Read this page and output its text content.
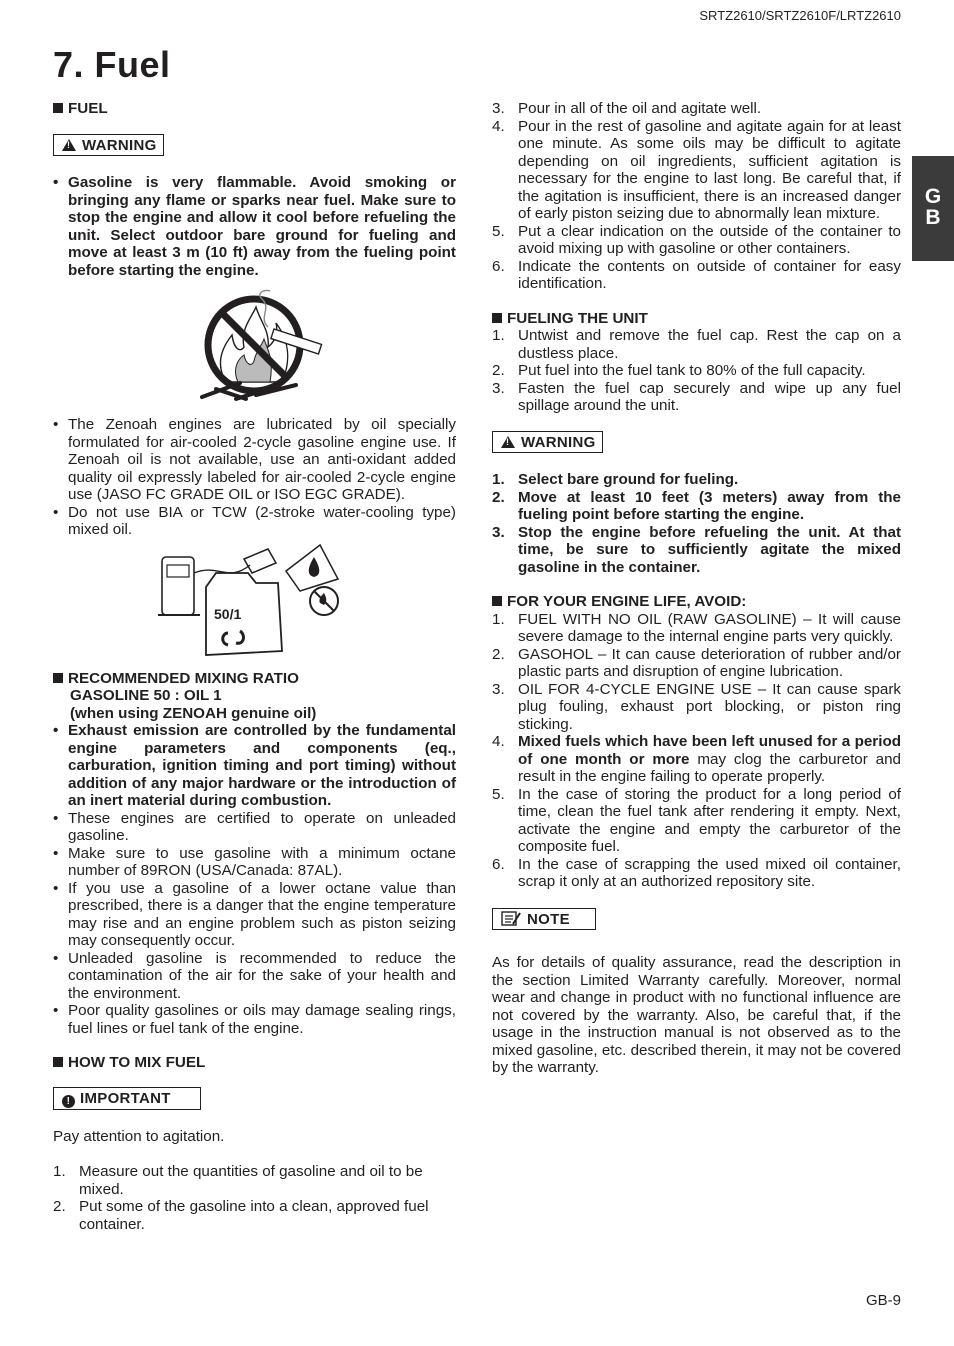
SRTZ2610/SRTZ2610F/LRTZ2610
7. Fuel
G
B

FUEL

!WARNING
• Gasoline is very flammable. Avoid smoking or bringing any flame or sparks near fuel. Make sure to stop the engine and allow it cool before refueling the unit. Select outdoor bare ground for fueling and move at least 3 m (10 ft) away from the fueling point before starting the engine.
• The Zenoah engines are lubricated by oil specially formulated for air-cooled 2-cycle gasoline engine use. If Zenoah oil is not available, use an anti-oxidant added quality oil expressly labeled for air-cooled 2-cycle engine use (JASO FC GRADE OIL or ISO EGC GRADE).
• Do not use BIA or TCW (2-stroke water-cooling type) mixed oil.
50/1

RECOMMENDED MIXING RATIO

GASOLINE 50 : OIL 1

(when using ZENOAH genuine oil)

• Exhaust emission are controlled by the fundamental engine parameters and components (eq., carburation, ignition timing and port timing) without addition of any major hardware or the introduction of an inert material during combustion.
• These engines are certified to operate on unleaded gasoline.
• Make sure to use gasoline with a minimum octane number of 89RON (USA/Canada: 87AL).
• If you use a gasoline of a lower octane value than prescribed, there is a danger that the engine temperature may rise and an engine problem such as piston seizing may consequently occur.
• Unleaded gasoline is recommended to reduce the contamination of the air for the sake of your health and the environment.
• Poor quality gasolines or oils may damage sealing rings, fuel lines or fuel tank of the engine.

HOW TO MIX FUEL

! IMPORTANT

Pay attention to agitation.

1. Measure out the quantities of gasoline and oil to be mixed.
2. Put some of the gasoline into a clean, approved fuel container.
3. Pour in all of the oil and agitate well.
4. Pour in the rest of gasoline and agitate again for at least one minute. As some oils may be difficult to agitate depending on oil ingredients, sufficient agitation is necessary for the engine to last long. Be careful that, if the agitation is insufficient, there is an increased danger of early piston seizing due to abnormally lean mixture.
5. Put a clear indication on the outside of the container to avoid mixing up with gasoline or other containers.
6. Indicate the contents on outside of container for easy identification.

FUELING THE UNIT

1. Untwist and remove the fuel cap. Rest the cap on a dustless place.
2. Put fuel into the fuel tank to 80% of the full capacity.
3. Fasten the fuel cap securely and wipe up any fuel spillage around the unit.
!WARNING
1. Select bare ground for fueling.
2. Move at least 10 feet (3 meters) away from the fueling point before starting the engine.
3. Stop the engine before refueling the unit. At that time, be sure to sufficiently agitate the mixed gasoline in the container.

FOR YOUR ENGINE LIFE, AVOID:

1. FUEL WITH NO OIL (RAW GASOLINE) – It will cause severe damage to the internal engine parts very quickly.
2. GASOHOL – It can cause deterioration of rubber and/or plastic parts and disruption of engine lubrication.
3. OIL FOR 4-CYCLE ENGINE USE – It can cause spark plug fouling, exhaust port blocking, or piston ring sticking.
4. Mixed fuels which have been left unused for a period of one month or more may clog the carburetor and result in the engine failing to operate properly.
5. In the case of storing the product for a long period of time, clean the fuel tank after rendering it empty. Next, activate the engine and empty the carburetor of the composite fuel.
6. In the case of scrapping the used mixed oil container, scrap it only at an authorized repository site.
NOTE

As for details of quality assurance, read the description in the section Limited Warranty carefully. Moreover, normal wear and change in product with no functional influence are not covered by the warranty. Also, be careful that, if the usage in the instruction manual is not observed as to the mixed gasoline, etc. described therein, it may not be covered by the warranty.

GB-9
